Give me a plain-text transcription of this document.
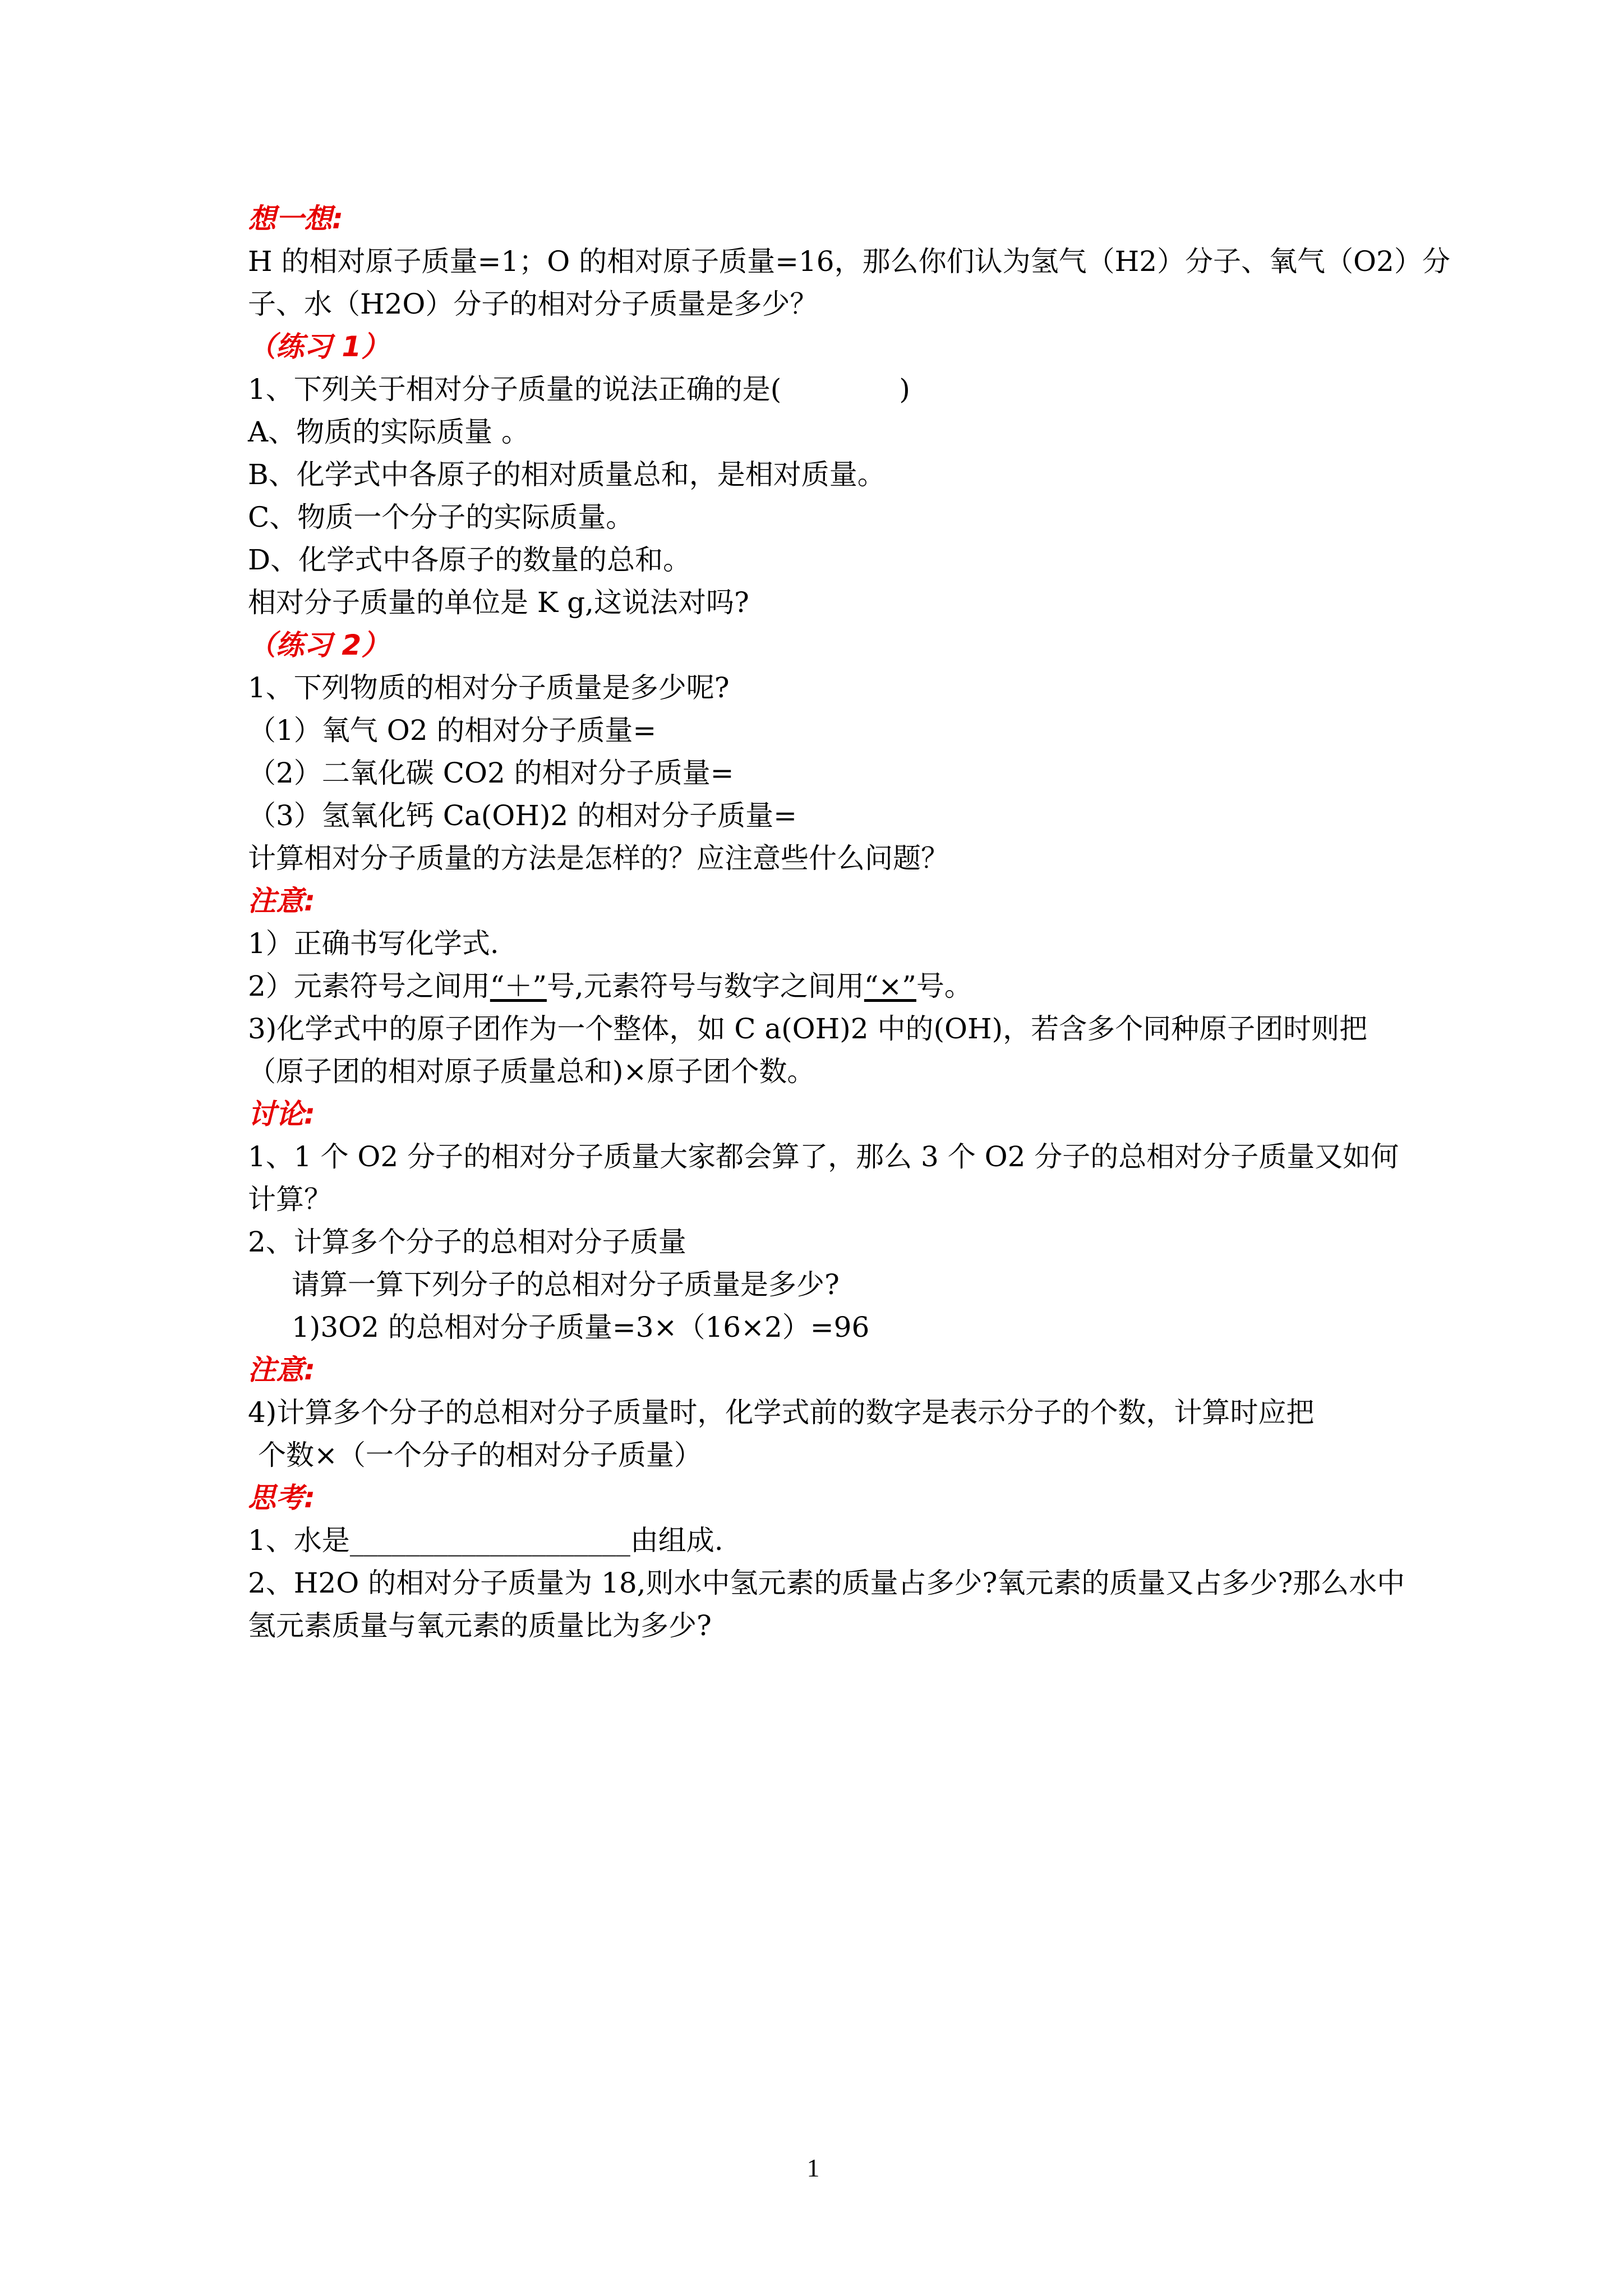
想一想:
H 的相对原子质量=1；O 的相对原子质量=16，那么你们认为氢气（H2）分子、氧气（O2）分
子、水（H2O）分子的相对分子质量是多少？
（练习 1）
1、下列关于相对分子质量的说法正确的是(	)
A、物质的实际质量 。
B、化学式中各原子的相对质量总和，是相对质量。
C、物质一个分子的实际质量。
D、化学式中各原子的数量的总和。
相对分子质量的单位是 K g,这说法对吗?
（练习 2）
1、下列物质的相对分子质量是多少呢?
（1）氧气 O2 的相对分子质量=
（2）二氧化碳 CO2 的相对分子质量=
（3）氢氧化钙 Ca(OH)2 的相对分子质量=
计算相对分子质量的方法是怎样的？应注意些什么问题？
注意:
1）正确书写化学式.
2）元素符号之间用“＋”号,元素符号与数字之间用“×”号。
3)化学式中的原子团作为一个整体，如 C a(OH)2 中的(OH)，若含多个同种原子团时则把
（原子团的相对原子质量总和)×原子团个数。
讨论:
1、1 个 O2 分子的相对分子质量大家都会算了，那么 3 个 O2 分子的总相对分子质量又如何
计算？
2、计算多个分子的总相对分子质量
请算一算下列分子的总相对分子质量是多少?
1)3O2 的总相对分子质量=3×（16×2）=96
注意:
4)计算多个分子的总相对分子质量时，化学式前的数字是表示分子的个数，计算时应把
个数×（一个分子的相对分子质量）
思考:
1、水是____________________由组成.
2、H2O 的相对分子质量为 18,则水中氢元素的质量占多少?氧元素的质量又占多少?那么水中
氢元素质量与氧元素的质量比为多少?
1
